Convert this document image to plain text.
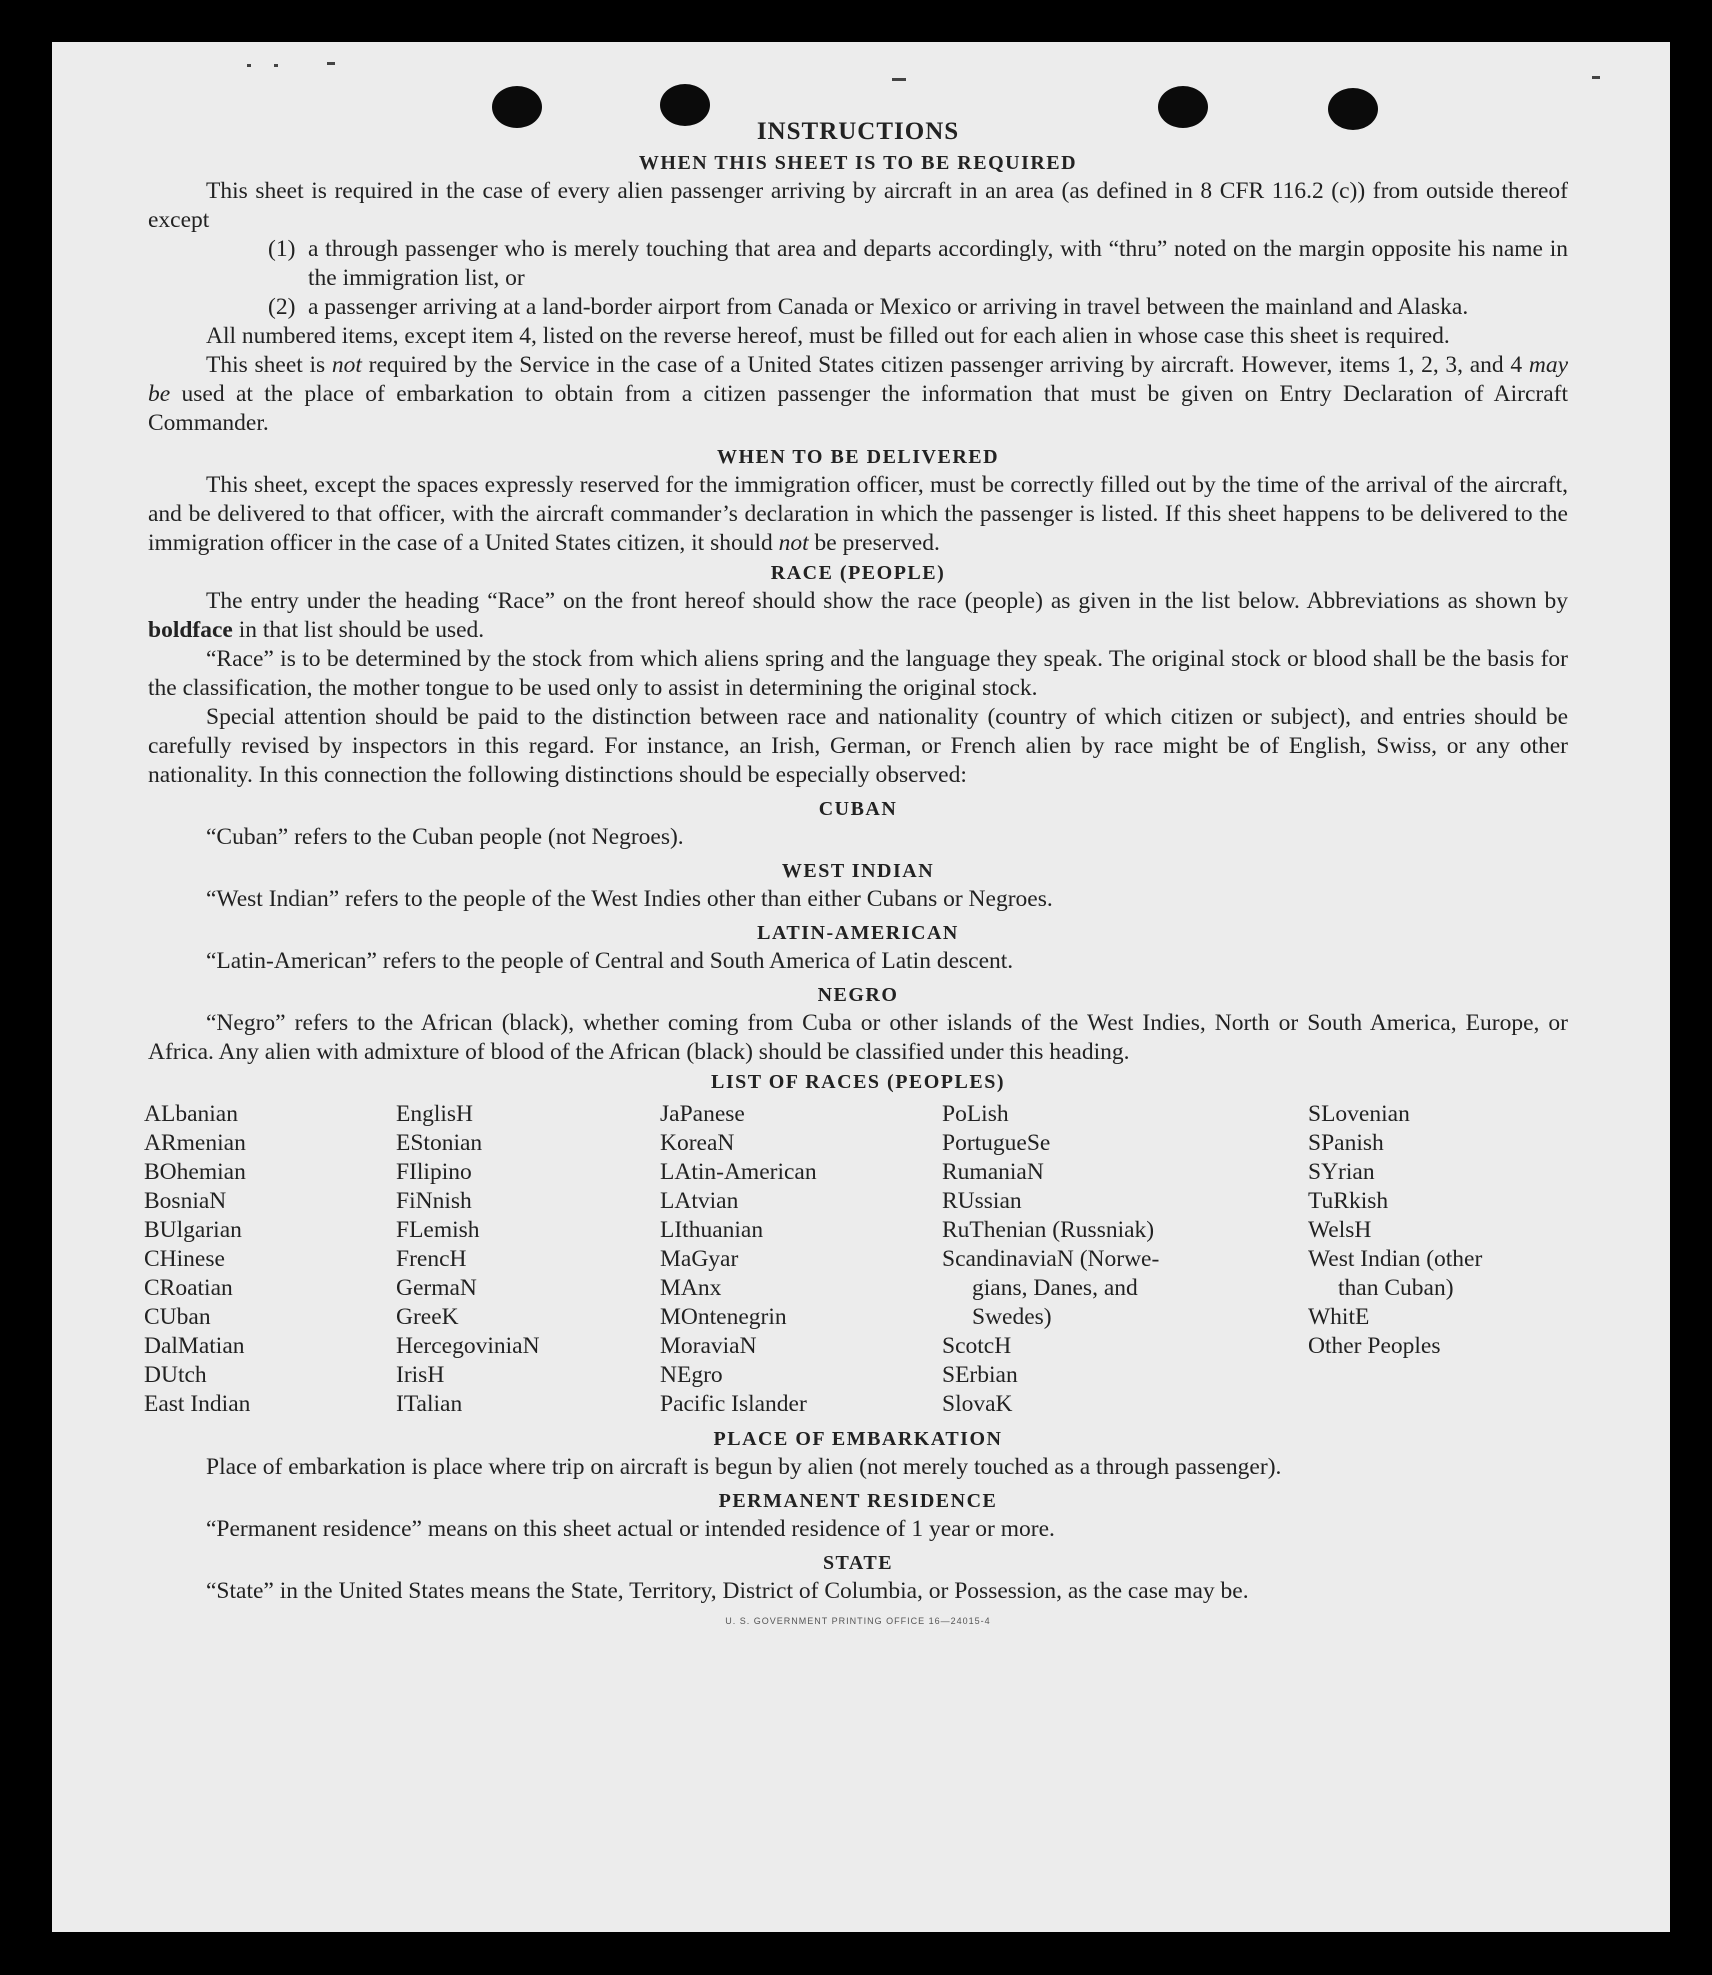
INSTRUCTIONS
WHEN THIS SHEET IS TO BE REQUIRED

This sheet is required in the case of every alien passenger arriving by aircraft in an area (as defined in 8 CFR 116.2 (c)) from outside thereof except

(1) a through passenger who is merely touching that area and departs accordingly, with “thru” noted on the margin opposite his name in the immigration list, or

(2) a passenger arriving at a land-border airport from Canada or Mexico or arriving in travel between the mainland and Alaska.

All numbered items, except item 4, listed on the reverse hereof, must be filled out for each alien in whose case this sheet is required.

This sheet is not required by the Service in the case of a United States citizen passenger arriving by aircraft. However, items 1, 2, 3, and 4 may be used at the place of embarkation to obtain from a citizen passenger the information that must be given on Entry Declaration of Aircraft Commander.

WHEN TO BE DELIVERED

This sheet, except the spaces expressly reserved for the immigration officer, must be correctly filled out by the time of the arrival of the aircraft, and be delivered to that officer, with the aircraft commander’s declaration in which the passenger is listed. If this sheet happens to be delivered to the immigration officer in the case of a United States citizen, it should not be preserved.

RACE (PEOPLE)

The entry under the heading “Race” on the front hereof should show the race (people) as given in the list below. Abbreviations as shown by boldface in that list should be used.

“Race” is to be determined by the stock from which aliens spring and the language they speak. The original stock or blood shall be the basis for the classification, the mother tongue to be used only to assist in determining the original stock.

Special attention should be paid to the distinction between race and nationality (country of which citizen or subject), and entries should be carefully revised by inspectors in this regard. For instance, an Irish, German, or French alien by race might be of English, Swiss, or any other nationality. In this connection the following distinctions should be especially observed:

CUBAN

“Cuban” refers to the Cuban people (not Negroes).

WEST INDIAN

“West Indian” refers to the people of the West Indies other than either Cubans or Negroes.

LATIN-AMERICAN

“Latin-American” refers to the people of Central and South America of Latin descent.

NEGRO

“Negro” refers to the African (black), whether coming from Cuba or other islands of the West Indies, North or South America, Europe, or Africa. Any alien with admixture of blood of the African (black) should be classified under this heading.

LIST OF RACES (PEOPLES)
ALbanian
ARmenian
BOhemian
BosniaN
BUlgarian
CHinese
CRoatian
CUban
DalMatian
DUtch
East Indian
EnglisH
EStonian
FIlipino
FiNnish
FLemish
FrencH
GermaN
GreeK
HercegoviniaN
IrisH
ITalian
JaPanese
KoreaN
LAtin-American
LAtvian
LIthuanian
MaGyar
MAnx
MOntenegrin
MoraviaN
NEgro
Pacific Islander
PoLish
PortugueSe
RumaniaN
RUssian
RuThenian (Russniak)
ScandinaviaN (Norwe-
gians, Danes, and
Swedes)
ScotcH
SErbian
SlovaK
SLovenian
SPanish
SYrian
TuRkish
WelsH
West Indian (other
than Cuban)
WhitE
Other Peoples
PLACE OF EMBARKATION

Place of embarkation is place where trip on aircraft is begun by alien (not merely touched as a through passenger).

PERMANENT RESIDENCE

“Permanent residence” means on this sheet actual or intended residence of 1 year or more.

STATE

“State” in the United States means the State, Territory, District of Columbia, or Possession, as the case may be.

U. S. GOVERNMENT PRINTING OFFICE 16—24015-4
